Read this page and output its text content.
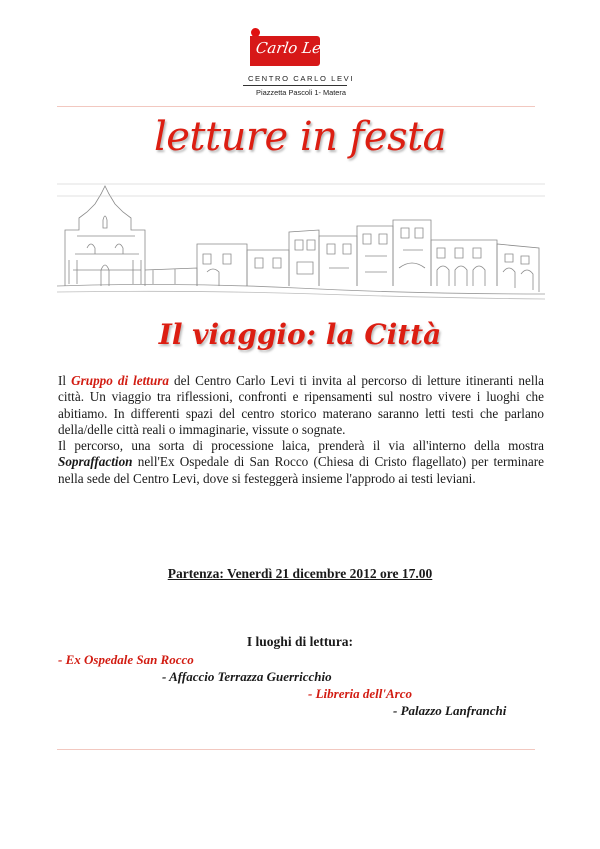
Carlo Levi
CENTRO CARLO LEVI
Piazzetta Pascoli 1- Matera
letture in festa
Il viaggio: la Città

Il Gruppo di lettura del Centro Carlo Levi ti invita al percorso di letture itineranti nella città. Un viaggio tra riflessioni, confronti e ripensamenti sul nostro vivere i luoghi che abitiamo. In differenti spazi del centro storico materano saranno letti testi che parlano della/delle città reali o immaginarie, vissute o sognate.

Il percorso, una sorta di processione laica, prenderà il via all'interno della mostra Sopraffaction nell'Ex Ospedale di San Rocco (Chiesa di Cristo flagellato) per terminare nella sede del Centro Levi, dove si festeggerà insieme l'approdo ai testi leviani.

Partenza: Venerdì 21 dicembre 2012 ore 17.00
I luoghi di lettura:
- Ex Ospedale San Rocco
- Affaccio Terrazza Guerricchio
- Libreria dell'Arco
- Palazzo Lanfranchi
